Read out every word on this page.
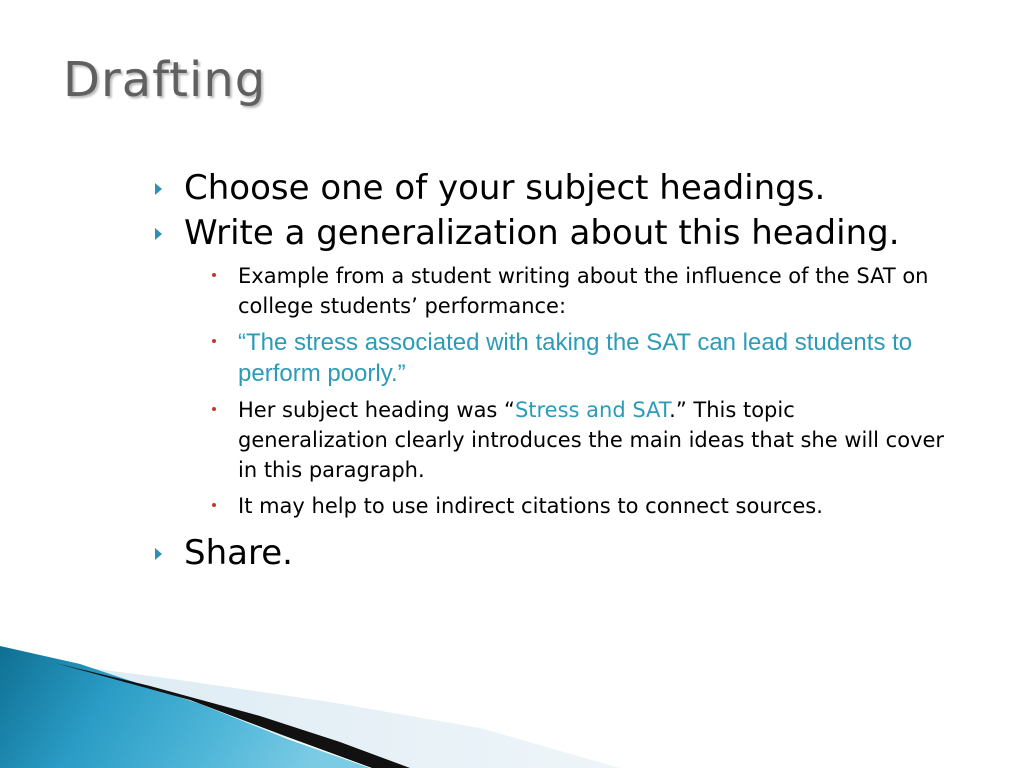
Drafting
Choose one of your subject headings.
Write a generalization about this heading.
Example from a student writing about the influence of the SAT on college students’ performance:
“The stress associated with taking the SAT can lead students to perform poorly.”
Her subject heading was “Stress and SAT.” This topic generalization clearly introduces the main ideas that she will cover in this paragraph.
It may help to use indirect citations to connect sources.
Share.
